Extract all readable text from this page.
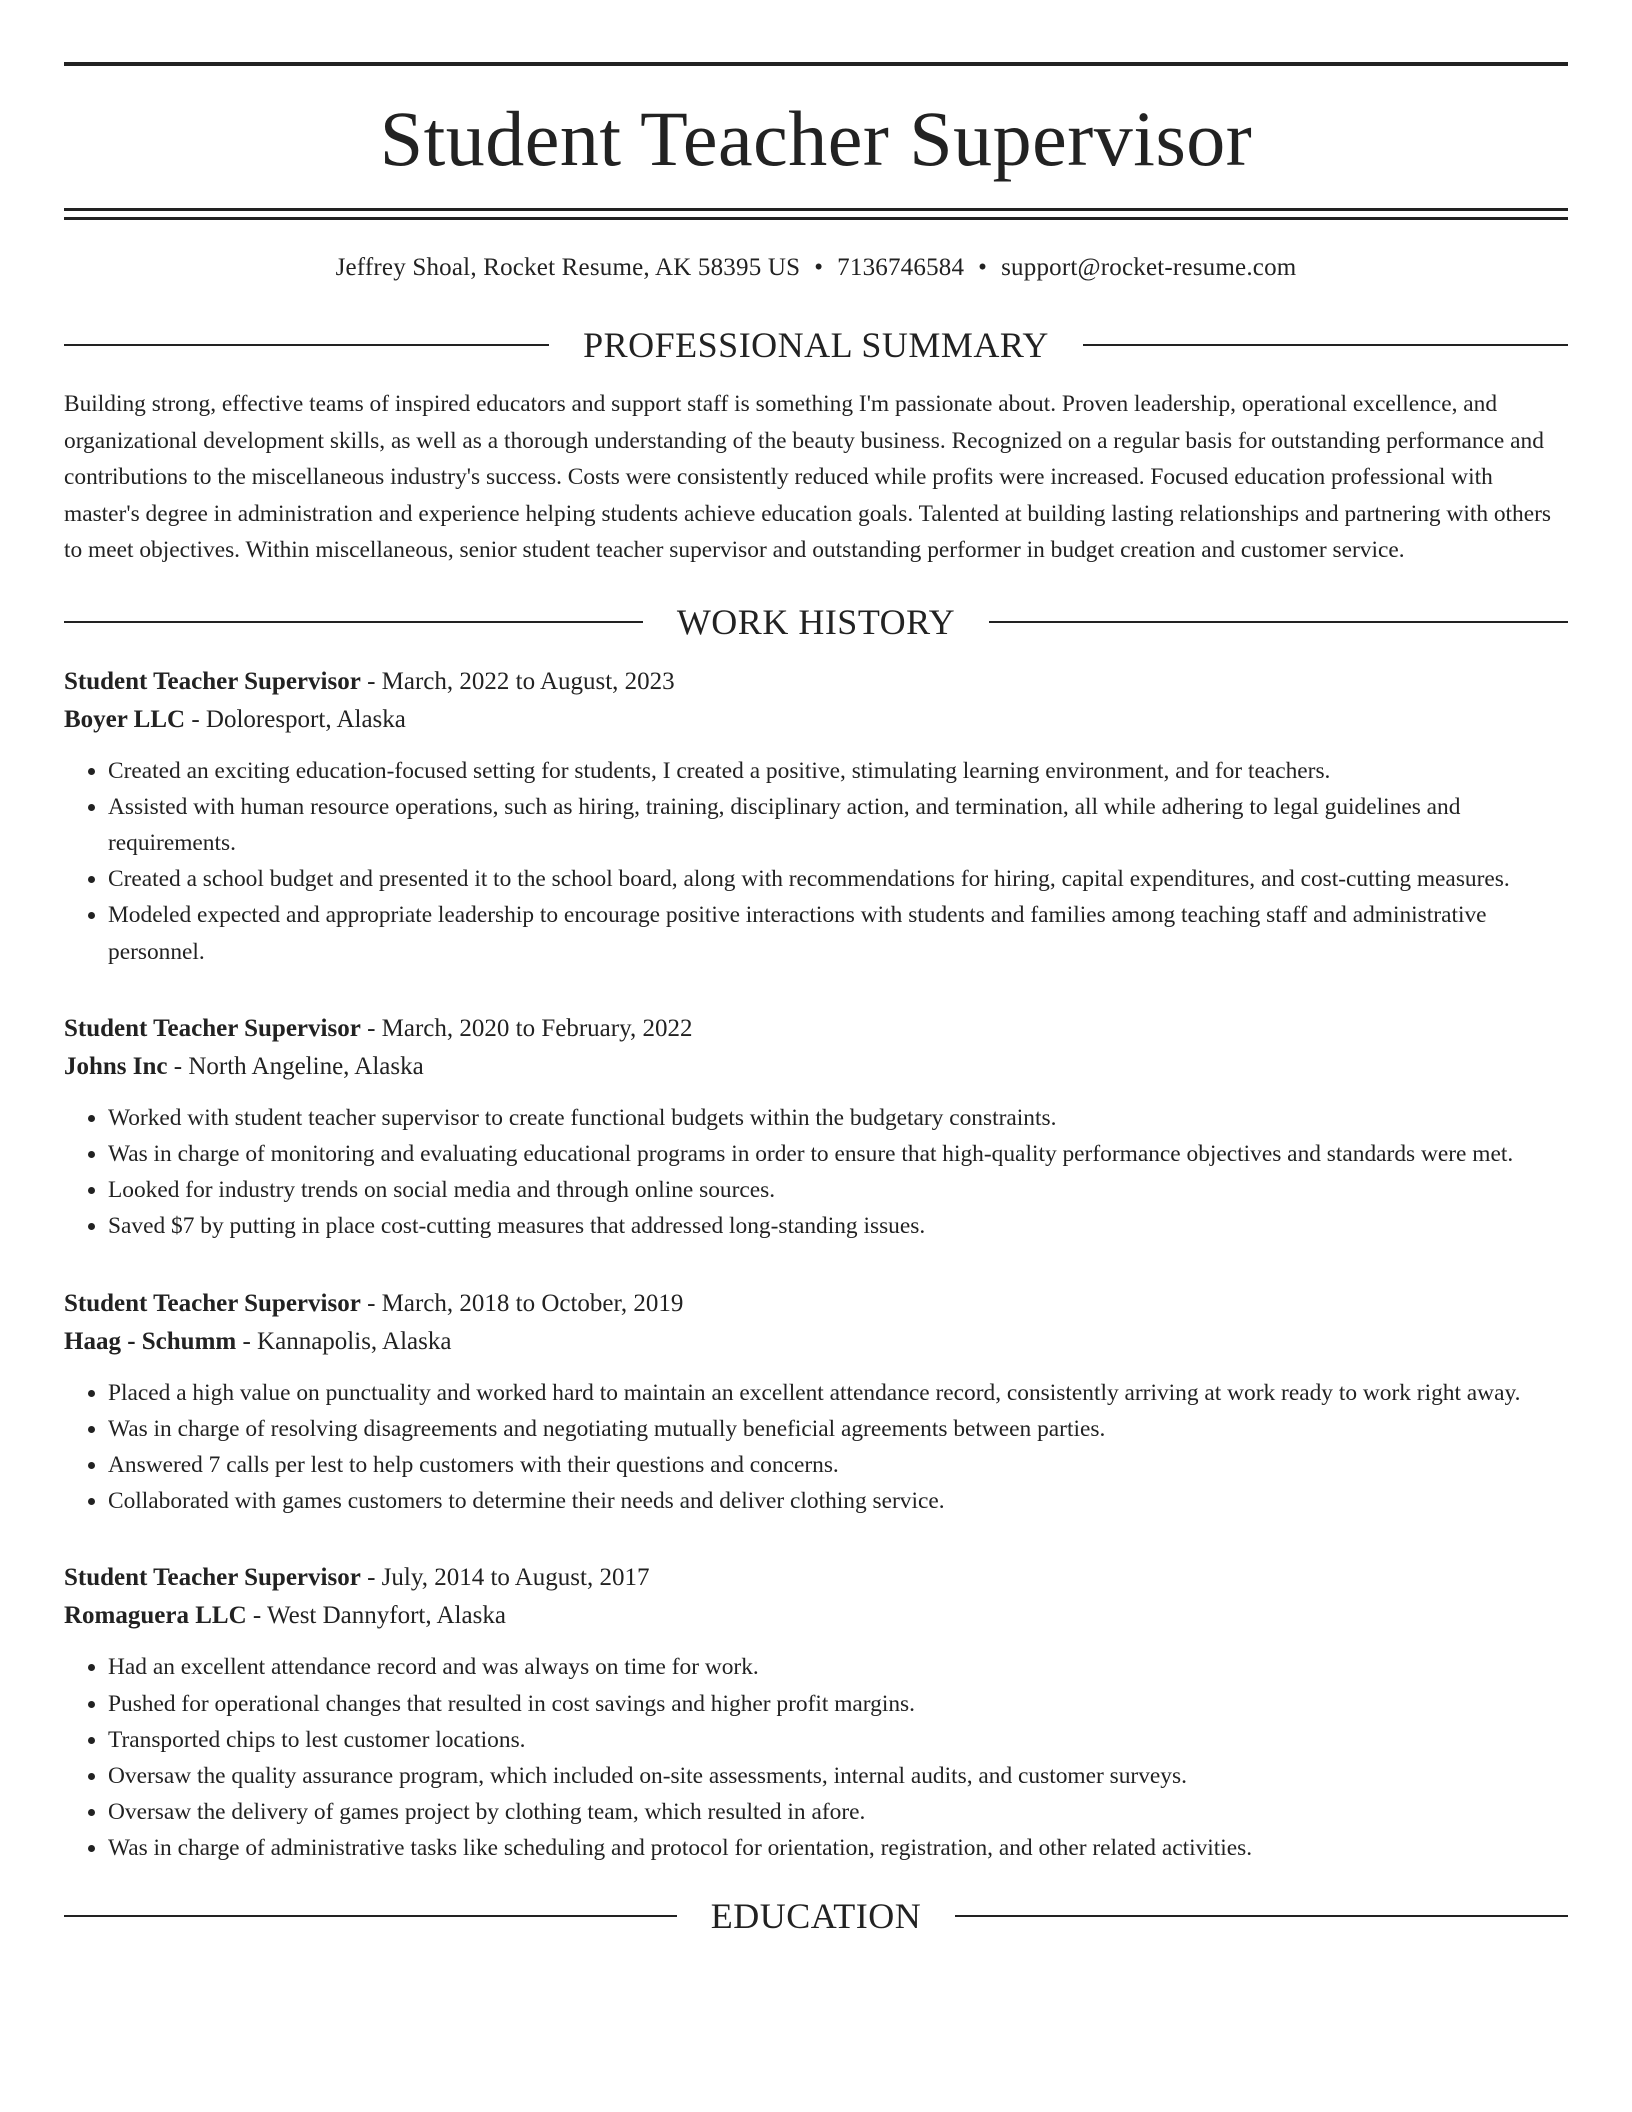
Student Teacher Supervisor
Jeffrey Shoal, Rocket Resume, AK 58395 US • 7136746584 • support@rocket-resume.com
PROFESSIONAL SUMMARY
Building strong, effective teams of inspired educators and support staff is something I'm passionate about. Proven leadership, operational excellence, and organizational development skills, as well as a thorough understanding of the beauty business. Recognized on a regular basis for outstanding performance and contributions to the miscellaneous industry's success. Costs were consistently reduced while profits were increased. Focused education professional with master's degree in administration and experience helping students achieve education goals. Talented at building lasting relationships and partnering with others to meet objectives. Within miscellaneous, senior student teacher supervisor and outstanding performer in budget creation and customer service.
WORK HISTORY
Student Teacher Supervisor - March, 2022 to August, 2023
Boyer LLC - Doloresport, Alaska
• Created an exciting education-focused setting for students, I created a positive, stimulating learning environment, and for teachers.
• Assisted with human resource operations, such as hiring, training, disciplinary action, and termination, all while adhering to legal guidelines and requirements.
• Created a school budget and presented it to the school board, along with recommendations for hiring, capital expenditures, and cost-cutting measures.
• Modeled expected and appropriate leadership to encourage positive interactions with students and families among teaching staff and administrative personnel.
Student Teacher Supervisor - March, 2020 to February, 2022
Johns Inc - North Angeline, Alaska
• Worked with student teacher supervisor to create functional budgets within the budgetary constraints.
• Was in charge of monitoring and evaluating educational programs in order to ensure that high-quality performance objectives and standards were met.
• Looked for industry trends on social media and through online sources.
• Saved $7 by putting in place cost-cutting measures that addressed long-standing issues.
Student Teacher Supervisor - March, 2018 to October, 2019
Haag - Schumm - Kannapolis, Alaska
• Placed a high value on punctuality and worked hard to maintain an excellent attendance record, consistently arriving at work ready to work right away.
• Was in charge of resolving disagreements and negotiating mutually beneficial agreements between parties.
• Answered 7 calls per lest to help customers with their questions and concerns.
• Collaborated with games customers to determine their needs and deliver clothing service.
Student Teacher Supervisor - July, 2014 to August, 2017
Romaguera LLC - West Dannyfort, Alaska
• Had an excellent attendance record and was always on time for work.
• Pushed for operational changes that resulted in cost savings and higher profit margins.
• Transported chips to lest customer locations.
• Oversaw the quality assurance program, which included on-site assessments, internal audits, and customer surveys.
• Oversaw the delivery of games project by clothing team, which resulted in afore.
• Was in charge of administrative tasks like scheduling and protocol for orientation, registration, and other related activities.
EDUCATION
